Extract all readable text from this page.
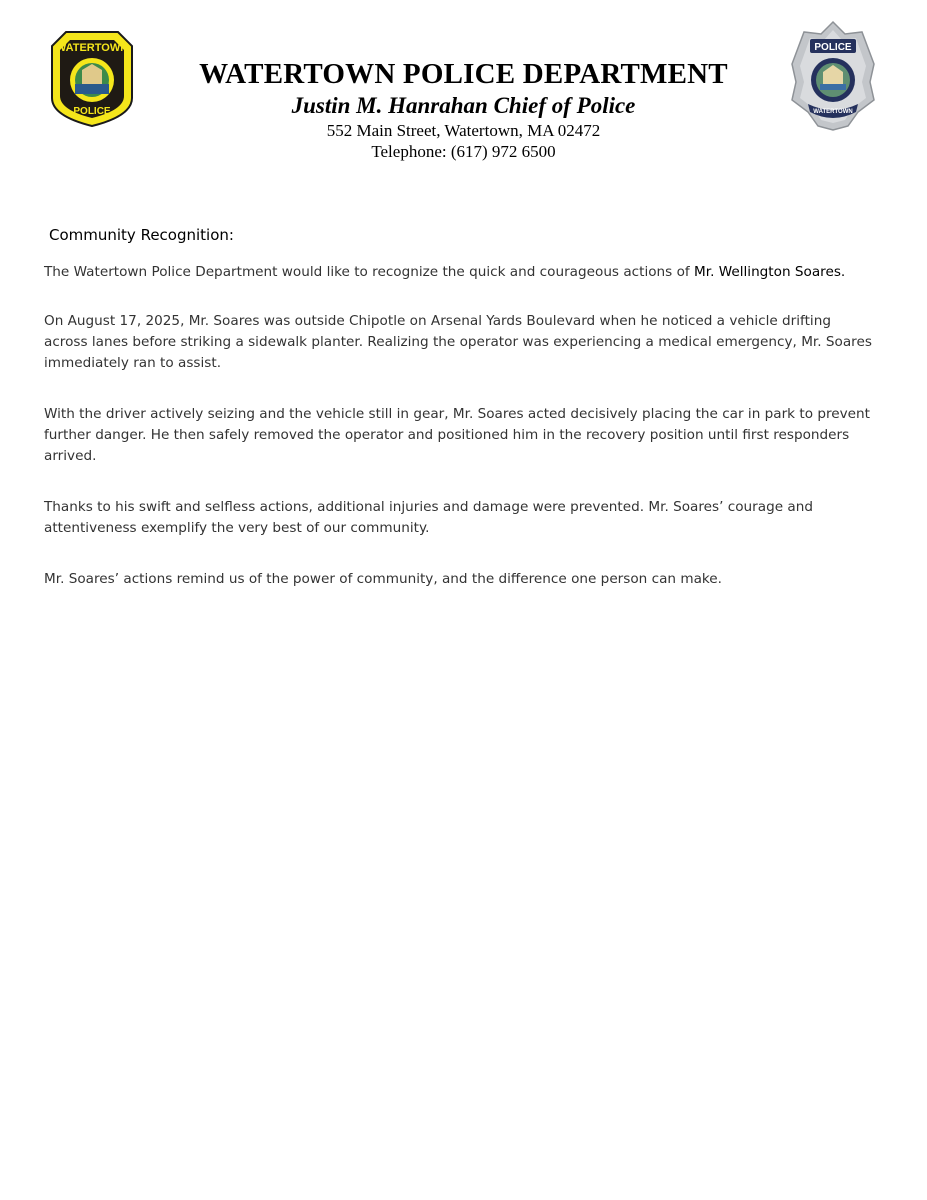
WATERTOWN
POLICE
WATERTOWN POLICE DEPARTMENT
Justin M. Hanrahan Chief of Police
552 Main Street, Watertown, MA 02472
Telephone: (617) 972 6500
POLICE
WATERTOWN
Community Recognition:

The Watertown Police Department would like to recognize the quick and courageous actions of Mr. Wellington Soares.

On August 17, 2025, Mr. Soares was outside Chipotle on Arsenal Yards Boulevard when he noticed a vehicle drifting across lanes before striking a sidewalk planter. Realizing the operator was experiencing a medical emergency, Mr. Soares immediately ran to assist.

With the driver actively seizing and the vehicle still in gear, Mr. Soares acted decisively placing the car in park to prevent further danger. He then safely removed the operator and positioned him in the recovery position until first responders arrived.

Thanks to his swift and selfless actions, additional injuries and damage were prevented. Mr. Soares’ courage and attentiveness exemplify the very best of our community.

Mr. Soares’ actions remind us of the power of community, and the difference one person can make.
